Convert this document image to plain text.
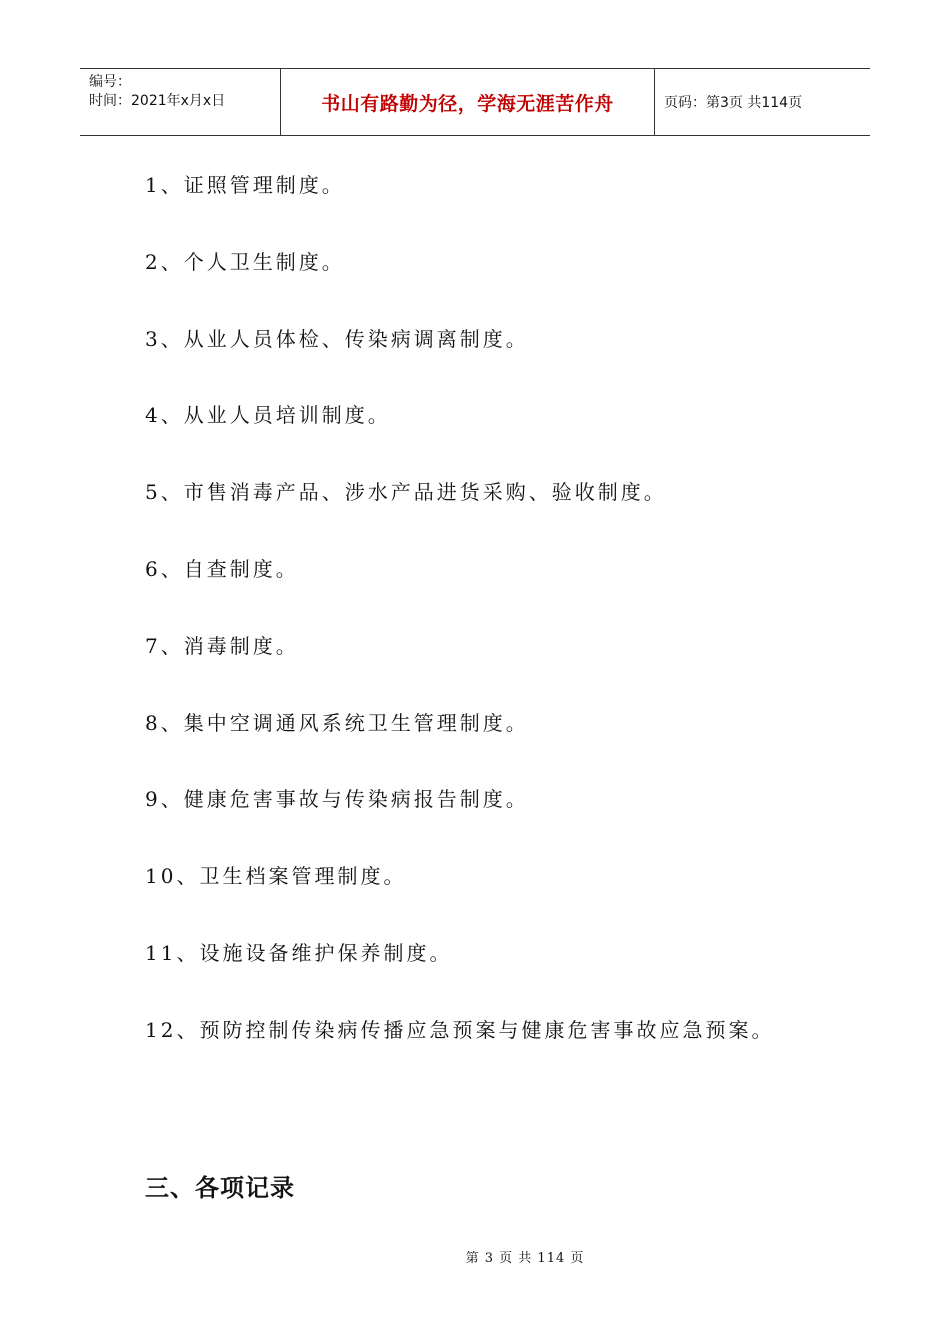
编号：
时间：2021年x月x日	书山有路勤为径，学海无涯苦作舟	页码：第3页 共114页
1、证照管理制度。
2、个人卫生制度。
3、从业人员体检、传染病调离制度。
4、从业人员培训制度。
5、市售消毒产品、涉水产品进货采购、验收制度。
6、自查制度。
7、消毒制度。
8、集中空调通风系统卫生管理制度。
9、健康危害事故与传染病报告制度。
10、卫生档案管理制度。
11、设施设备维护保养制度。
12、预防控制传染病传播应急预案与健康危害事故应急预案。
三、各项记录
第 3 页 共 114 页
